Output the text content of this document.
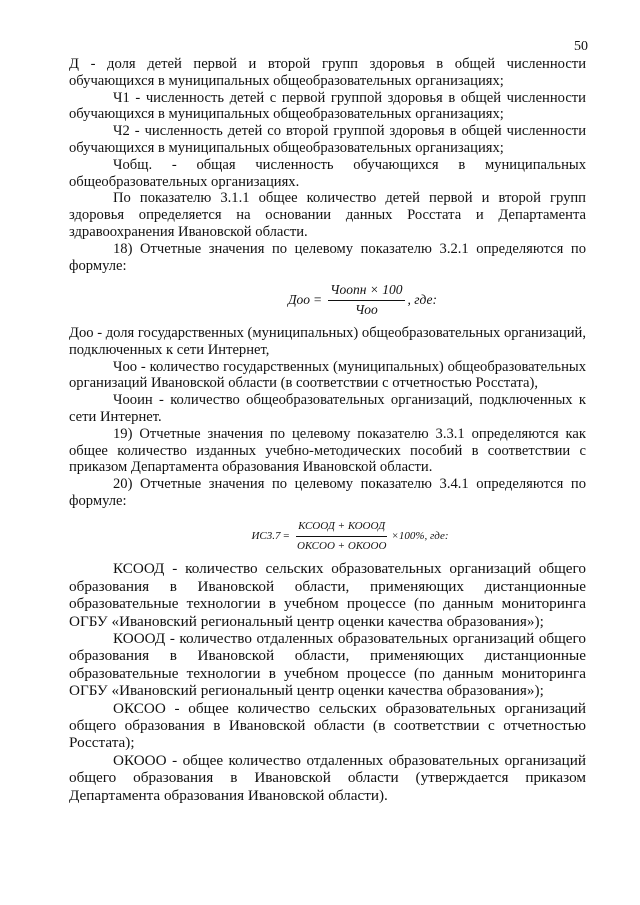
50

Д - доля детей первой и второй групп здоровья в общей численности обучающихся в муниципальных общеобразовательных организациях;

Ч1 - численность детей с первой группой здоровья в общей численности обучающихся в муниципальных общеобразовательных организациях;

Ч2 - численность детей со второй группой здоровья в общей численности обучающихся в муниципальных общеобразовательных организациях;

Чобщ. - общая численность обучающихся в муниципальных общеобразовательных организациях.

По показателю 3.1.1 общее количество детей первой и второй групп здоровья определяется на основании данных Росстата и Департамента здравоохранения Ивановской области.

18) Отчетные значения по целевому показателю 3.2.1 определяются по формуле:

Доо = $\frac{\text{Чоопн × 100}}{\text{Чоо}}$ , где:

Доо - доля государственных (муниципальных) общеобразовательных организаций, подключенных к сети Интернет,

Чоо - количество государственных (муниципальных) общеобразовательных организаций Ивановской области (в соответствии с отчетностью Росстата),

Чооин - количество общеобразовательных организаций, подключенных к сети Интернет.

19) Отчетные значения по целевому показателю 3.3.1 определяются как общее количество изданных учебно-методических пособий в соответствии с приказом Департамента образования Ивановской области.

20) Отчетные значения по целевому показателю 3.4.1 определяются по формуле:

$ИС3.7 = \frac{\text{КСООД + КОООД}}{\text{ОКСОО + ОКООО}} \times 100\%$, где:

КСООД - количество сельских образовательных организаций общего образования в Ивановской области, применяющих дистанционные образовательные технологии в учебном процессе (по данным мониторинга ОГБУ «Ивановский региональный центр оценки качества образования»);

КОООД - количество отдаленных образовательных организаций общего образования в Ивановской области, применяющих дистанционные образовательные технологии в учебном процессе (по данным мониторинга ОГБУ «Ивановский региональный центр оценки качества образования»);

ОКСОО - общее количество сельских образовательных организаций общего образования в Ивановской области (в соответствии с отчетностью Росстата);

ОКООО - общее количество отдаленных образовательных организаций общего образования в Ивановской области (утверждается приказом Департамента образования Ивановской области).
